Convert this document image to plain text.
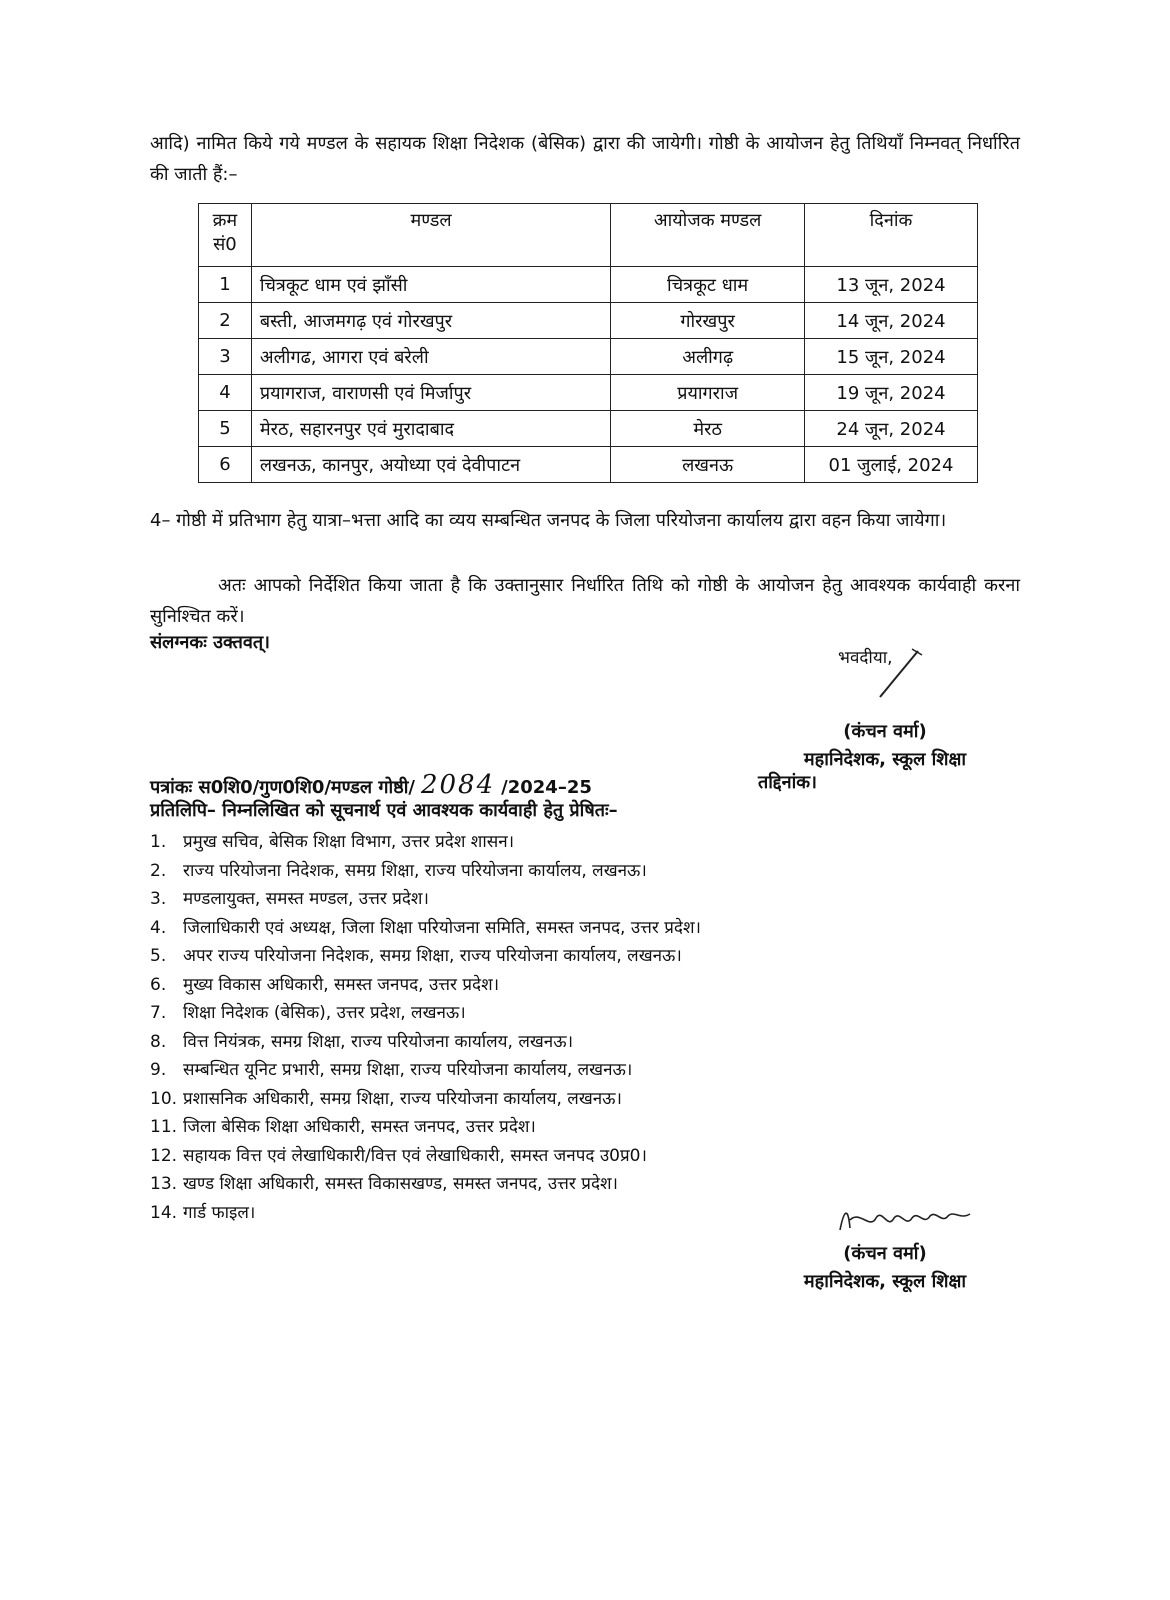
आदि) नामित किये गये मण्डल के सहायक शिक्षा निदेशक (बेसिक) द्वारा की जायेगी। गोष्ठी के आयोजन हेतु तिथियाँ निम्नवत् निर्धारित की जाती हैं:–

क्रम सं0	मण्डल	आयोजक मण्डल	दिनांक
1	चित्रकूट धाम एवं झाँसी	चित्रकूट धाम	13 जून, 2024
2	बस्ती, आजमगढ़ एवं गोरखपुर	गोरखपुर	14 जून, 2024
3	अलीगढ, आगरा एवं बरेली	अलीगढ़	15 जून, 2024
4	प्रयागराज, वाराणसी एवं मिर्जापुर	प्रयागराज	19 जून, 2024
5	मेरठ, सहारनपुर एवं मुरादाबाद	मेरठ	24 जून, 2024
6	लखनऊ, कानपुर, अयोध्या एवं देवीपाटन	लखनऊ	01 जुलाई, 2024

4– गोष्ठी में प्रतिभाग हेतु यात्रा–भत्ता आदि का व्यय सम्बन्धित जनपद के जिला परियोजना कार्यालय द्वारा वहन किया जायेगा।

अतः आपको निर्देशित किया जाता है कि उक्तानुसार निर्धारित तिथि को गोष्ठी के आयोजन हेतु आवश्यक कार्यवाही करना सुनिश्चित करें।

संलग्नकः उक्तवत्।
भवदीया,
(कंचन वर्मा)
महानिदेशक, स्कूल शिक्षा
पत्रांकः स0शि0/गुण0शि0/मण्डल गोष्ठी/ 2084 /2024–25	तद्दिनांक।
प्रतिलिपि– निम्नलिखित को सूचनार्थ एवं आवश्यक कार्यवाही हेतु प्रेषितः–
1. प्रमुख सचिव, बेसिक शिक्षा विभाग, उत्तर प्रदेश शासन।
2. राज्य परियोजना निदेशक, समग्र शिक्षा, राज्य परियोजना कार्यालय, लखनऊ।
3. मण्डलायुक्त, समस्त मण्डल, उत्तर प्रदेश।
4. जिलाधिकारी एवं अध्यक्ष, जिला शिक्षा परियोजना समिति, समस्त जनपद, उत्तर प्रदेश।
5. अपर राज्य परियोजना निदेशक, समग्र शिक्षा, राज्य परियोजना कार्यालय, लखनऊ।
6. मुख्य विकास अधिकारी, समस्त जनपद, उत्तर प्रदेश।
7. शिक्षा निदेशक (बेसिक), उत्तर प्रदेश, लखनऊ।
8. वित्त नियंत्रक, समग्र शिक्षा, राज्य परियोजना कार्यालय, लखनऊ।
9. सम्बन्धित यूनिट प्रभारी, समग्र शिक्षा, राज्य परियोजना कार्यालय, लखनऊ।
10. प्रशासनिक अधिकारी, समग्र शिक्षा, राज्य परियोजना कार्यालय, लखनऊ।
11. जिला बेसिक शिक्षा अधिकारी, समस्त जनपद, उत्तर प्रदेश।
12. सहायक वित्त एवं लेखाधिकारी/वित्त एवं लेखाधिकारी, समस्त जनपद उ0प्र0।
13. खण्ड शिक्षा अधिकारी, समस्त विकासखण्ड, समस्त जनपद, उत्तर प्रदेश।
14. गार्ड फाइल।
(कंचन वर्मा)
महानिदेशक, स्कूल शिक्षा
